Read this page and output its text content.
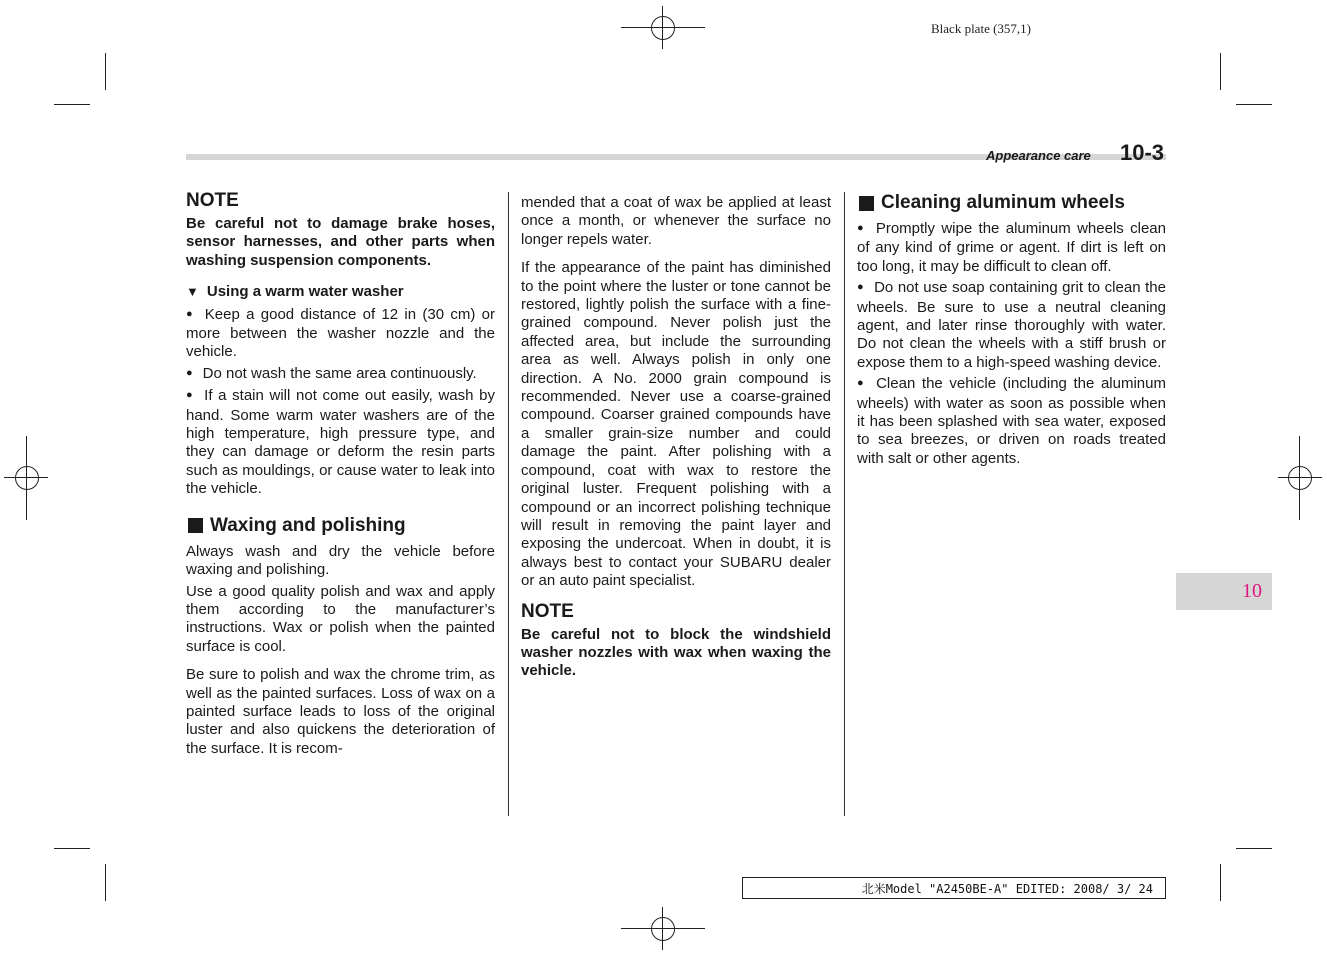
Black plate (357,1)
Appearance care 10-3
NOTE

Be careful not to damage brake hoses, sensor harnesses, and other parts when washing suspension components.

▼ Using a warm water washer

● Keep a good distance of 12 in (30 cm) or more between the washer nozzle and the vehicle.

● Do not wash the same area continuously.

● If a stain will not come out easily, wash by hand. Some warm water washers are of the high temperature, high pressure type, and they can damage or deform the resin parts such as mouldings, or cause water to leak into the vehicle.

Waxing and polishing

Always wash and dry the vehicle before waxing and polishing.

Use a good quality polish and wax and apply them according to the manufacturer’s instructions. Wax or polish when the painted surface is cool.

Be sure to polish and wax the chrome trim, as well as the painted surfaces. Loss of wax on a painted surface leads to loss of the original luster and also quickens the deterioration of the surface. It is recom-

mended that a coat of wax be applied at least once a month, or whenever the surface no longer repels water.

If the appearance of the paint has diminished to the point where the luster or tone cannot be restored, lightly polish the surface with a fine-grained compound. Never polish just the affected area, but include the surrounding area as well. Always polish in only one direction. A No. 2000 grain compound is recommended. Never use a coarse-grained compound. Coarser grained compounds have a smaller grain-size number and could damage the paint. After polishing with a compound, coat with wax to restore the original luster. Frequent polishing with a compound or an incorrect polishing technique will result in removing the paint layer and exposing the undercoat. When in doubt, it is always best to contact your SUBARU dealer or an auto paint specialist.

NOTE

Be careful not to block the windshield washer nozzles with wax when waxing the vehicle.

Cleaning aluminum wheels

● Promptly wipe the aluminum wheels clean of any kind of grime or agent. If dirt is left on too long, it may be difficult to clean off.

● Do not use soap containing grit to clean the wheels. Be sure to use a neutral cleaning agent, and later rinse thoroughly with water. Do not clean the wheels with a stiff brush or expose them to a high-speed washing device.

● Clean the vehicle (including the aluminum wheels) with water as soon as possible when it has been splashed with sea water, exposed to sea breezes, or driven on roads treated with salt or other agents.

10
北米Model "A2450BE-A" EDITED: 2008/ 3/ 24
